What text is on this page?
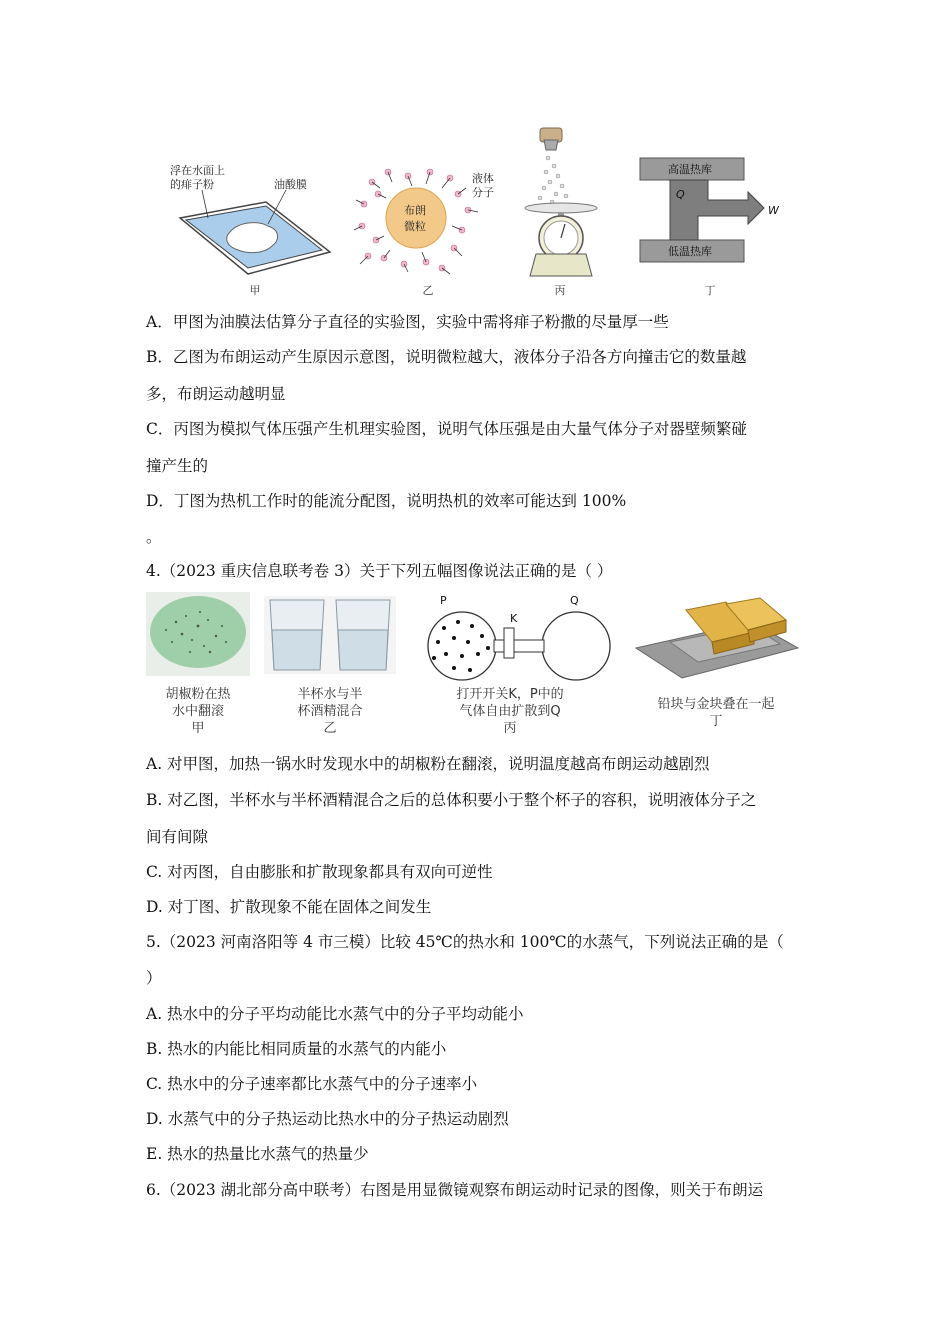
浮在水面上
的痱子粉	油酸膜
甲
布朗
微粒
液体
分子
乙	丙
高温热库
低温热库
Q
W
丁
A．甲图为油膜法估算分子直径的实验图，实验中需将痱子粉撒的尽量厚一些
B．乙图为布朗运动产生原因示意图，说明微粒越大，液体分子沿各方向撞击它的数量越
多，布朗运动越明显
C．丙图为模拟气体压强产生机理实验图，说明气体压强是由大量气体分子对器壁频繁碰
撞产生的
D．丁图为热机工作时的能流分配图，说明热机的效率可能达到 100%
。
4.（2023 重庆信息联考卷 3）关于下列五幅图像说法正确的是（ ）
胡椒粉在热
水中翻滚
甲
半杯水与半
杯酒精混合
乙
P
K
Q
打开开关K，P中的
气体自由扩散到Q
丙
铅块与金块叠在一起
丁
A. 对甲图，加热一锅水时发现水中的胡椒粉在翻滚，说明温度越高布朗运动越剧烈
B. 对乙图，半杯水与半杯酒精混合之后的总体积要小于整个杯子的容积，说明液体分子之
间有间隙
C. 对丙图，自由膨胀和扩散现象都具有双向可逆性
D. 对丁图、扩散现象不能在固体之间发生
5.（2023 河南洛阳等 4 市三模）比较 45℃的热水和 100℃的水蒸气，下列说法正确的是（
）
A. 热水中的分子平均动能比水蒸气中的分子平均动能小
B. 热水的内能比相同质量的水蒸气的内能小
C. 热水中的分子速率都比水蒸气中的分子速率小
D. 水蒸气中的分子热运动比热水中的分子热运动剧烈
E. 热水的热量比水蒸气的热量少
6.（2023 湖北部分高中联考）右图是用显微镜观察布朗运动时记录的图像，则关于布朗运
